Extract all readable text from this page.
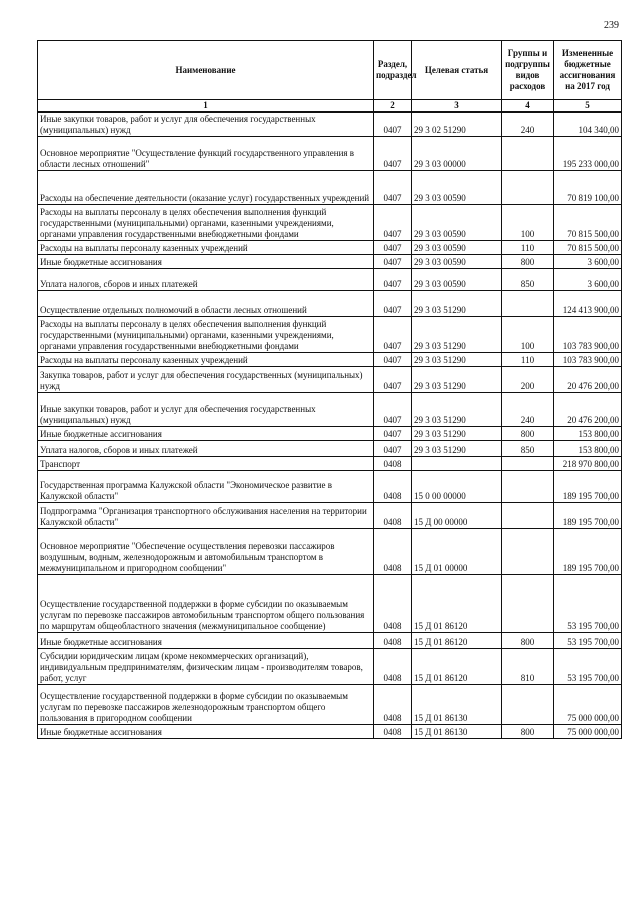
239
Наименование	Раздел, подраздел	Целевая статья	Группы и подгруппы видов расходов	Измененные бюджетные ассигнования на 2017 год
1	2	3	4	5
Иные закупки товаров, работ и услуг для обеспечения государственных (муниципальных) нужд	0407	29 3 02 51290	240	104 340,00
Основное мероприятие "Осуществление функций государственного управления в области лесных отношений"	0407	29 3 03 00000		195 233 000,00
Расходы на обеспечение деятельности (оказание услуг) государственных учреждений	0407	29 3 03 00590		70 819 100,00
Расходы на выплаты персоналу в целях обеспечения выполнения функций государственными (муниципальными) органами, казенными учреждениями, органами управления государственными внебюджетными фондами	0407	29 3 03 00590	100	70 815 500,00
Расходы на выплаты персоналу казенных учреждений	0407	29 3 03 00590	110	70 815 500,00
Иные бюджетные ассигнования	0407	29 3 03 00590	800	3 600,00
Уплата налогов, сборов и иных платежей	0407	29 3 03 00590	850	3 600,00
Осуществление отдельных полномочий в области лесных отношений	0407	29 3 03 51290		124 413 900,00
Расходы на выплаты персоналу в целях обеспечения выполнения функций государственными (муниципальными) органами, казенными учреждениями, органами управления государственными внебюджетными фондами	0407	29 3 03 51290	100	103 783 900,00
Расходы на выплаты персоналу казенных учреждений	0407	29 3 03 51290	110	103 783 900,00
Закупка товаров, работ и услуг для обеспечения государственных (муниципальных) нужд	0407	29 3 03 51290	200	20 476 200,00
Иные закупки товаров, работ и услуг для обеспечения государственных (муниципальных) нужд	0407	29 3 03 51290	240	20 476 200,00
Иные бюджетные ассигнования	0407	29 3 03 51290	800	153 800,00
Уплата налогов, сборов и иных платежей	0407	29 3 03 51290	850	153 800,00
Транспорт	0408			218 970 800,00
Государственная программа Калужской области "Экономическое развитие в Калужской области"	0408	15 0 00 00000		189 195 700,00
Подпрограмма "Организация транспортного обслуживания населения на территории Калужской области"	0408	15 Д 00 00000		189 195 700,00
Основное мероприятие "Обеспечение осуществления перевозки пассажиров воздушным, водным, железнодорожным и автомобильным транспортом в межмуниципальном и пригородном сообщении"	0408	15 Д 01 00000		189 195 700,00
Осуществление государственной поддержки в форме субсидии по оказываемым услугам по перевозке пассажиров автомобильным транспортом общего пользования по маршрутам общеобластного значения (межмуниципальное сообщение)	0408	15 Д 01 86120		53 195 700,00
Иные бюджетные ассигнования	0408	15 Д 01 86120	800	53 195 700,00
Субсидии юридическим лицам (кроме некоммерческих организаций), индивидуальным предпринимателям, физическим лицам - производителям товаров, работ, услуг	0408	15 Д 01 86120	810	53 195 700,00
Осуществление государственной поддержки в форме субсидии по оказываемым услугам по перевозке пассажиров железнодорожным транспортом общего пользования в пригородном сообщении	0408	15 Д 01 86130		75 000 000,00
Иные бюджетные ассигнования	0408	15 Д 01 86130	800	75 000 000,00
